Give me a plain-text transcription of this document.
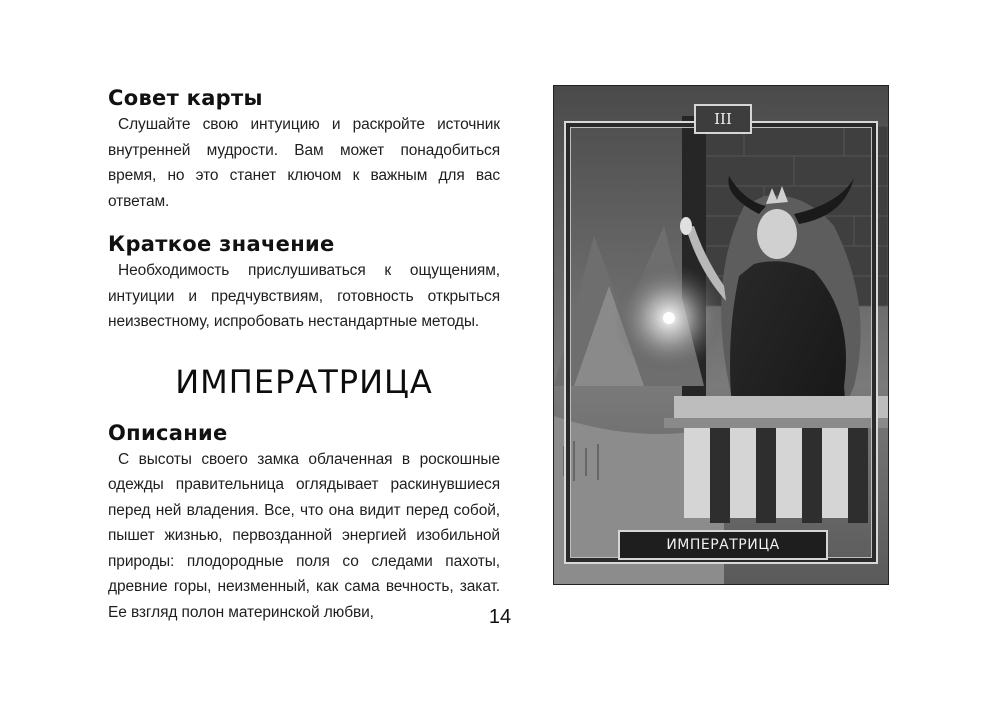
Совет карты

Слушайте свою интуицию и раскройте источник внутренней мудрости. Вам может понадобиться время, но это станет ключом к важным для вас ответам.

Краткое значение

Необходимость прислушиваться к ощущениям, интуиции и предчувствиям, готовность открыться неизвестному, испробовать нестандартные методы.

ИМПЕРАТРИЦА
Описание

С высоты своего замка облаченная в роскошные одежды правительница оглядывает раскинувшиеся перед ней владения. Все, что она видит перед собой, пышет жизнью, первозданной энергией изобильной природы: плодородные поля со следами пахоты, древние горы, неизменный, как сама вечность, закат. Ее взгляд полон материнской любви,

III
ИМПЕРАТРИЦА
14
